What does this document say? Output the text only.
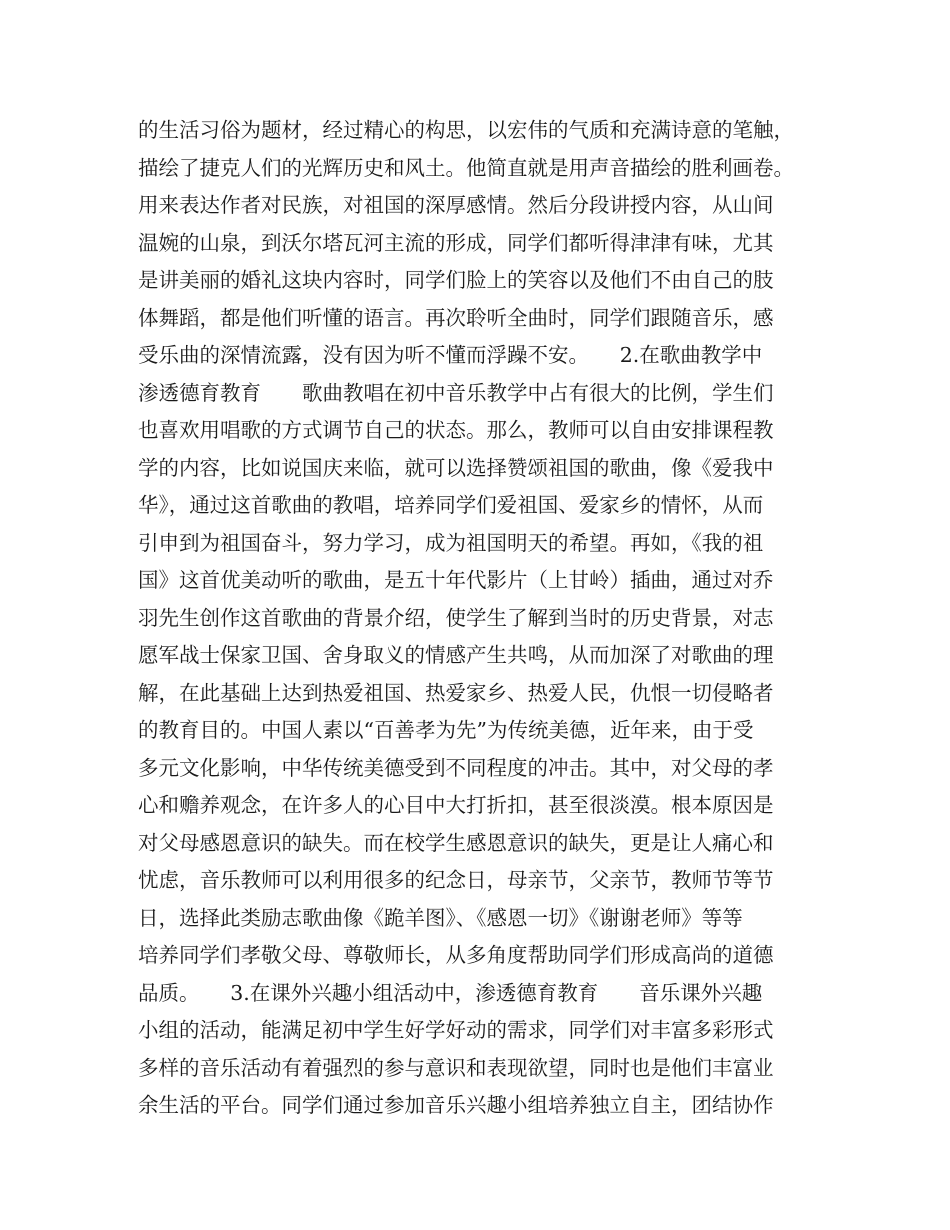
的生活习俗为题材，经过精心的构思，以宏伟的气质和充满诗意的笔触，
描绘了捷克人们的光辉历史和风土。他简直就是用声音描绘的胜利画卷。
用来表达作者对民族，对祖国的深厚感情。然后分段讲授内容，从山间
温婉的山泉，到沃尔塔瓦河主流的形成，同学们都听得津津有味，尤其
是讲美丽的婚礼这块内容时，同学们脸上的笑容以及他们不由自己的肢
体舞蹈，都是他们听懂的语言。再次聆听全曲时，同学们跟随音乐，感
受乐曲的深情流露，没有因为听不懂而浮躁不安。　　2.在歌曲教学中
渗透德育教育　　歌曲教唱在初中音乐教学中占有很大的比例，学生们
也喜欢用唱歌的方式调节自己的状态。那么，教师可以自由安排课程教
学的内容，比如说国庆来临，就可以选择赞颂祖国的歌曲，像《爱我中
华》，通过这首歌曲的教唱，培养同学们爱祖国、爱家乡的情怀，从而
引申到为祖国奋斗，努力学习，成为祖国明天的希望。再如，《我的祖
国》这首优美动听的歌曲，是五十年代影片（上甘岭）插曲，通过对乔
羽先生创作这首歌曲的背景介绍，使学生了解到当时的历史背景，对志
愿军战士保家卫国、舍身取义的情感产生共鸣，从而加深了对歌曲的理
解，在此基础上达到热爱祖国、热爱家乡、热爱人民，仇恨一切侵略者
的教育目的。中国人素以“百善孝为先”为传统美德，近年来，由于受
多元文化影响，中华传统美德受到不同程度的冲击。其中，对父母的孝
心和赡养观念，在许多人的心目中大打折扣，甚至很淡漠。根本原因是
对父母感恩意识的缺失。而在校学生感恩意识的缺失，更是让人痛心和
忧虑，音乐教师可以利用很多的纪念日，母亲节，父亲节，教师节等节
日，选择此类励志歌曲像《跪羊图》、《感恩一切》《谢谢老师》等等
培养同学们孝敬父母、尊敬师长，从多角度帮助同学们形成高尚的道德
品质。　　3.在课外兴趣小组活动中，渗透德育教育　　音乐课外兴趣
小组的活动，能满足初中学生好学好动的需求，同学们对丰富多彩形式
多样的音乐活动有着强烈的参与意识和表现欲望，同时也是他们丰富业
余生活的平台。同学们通过参加音乐兴趣小组培养独立自主，团结协作
